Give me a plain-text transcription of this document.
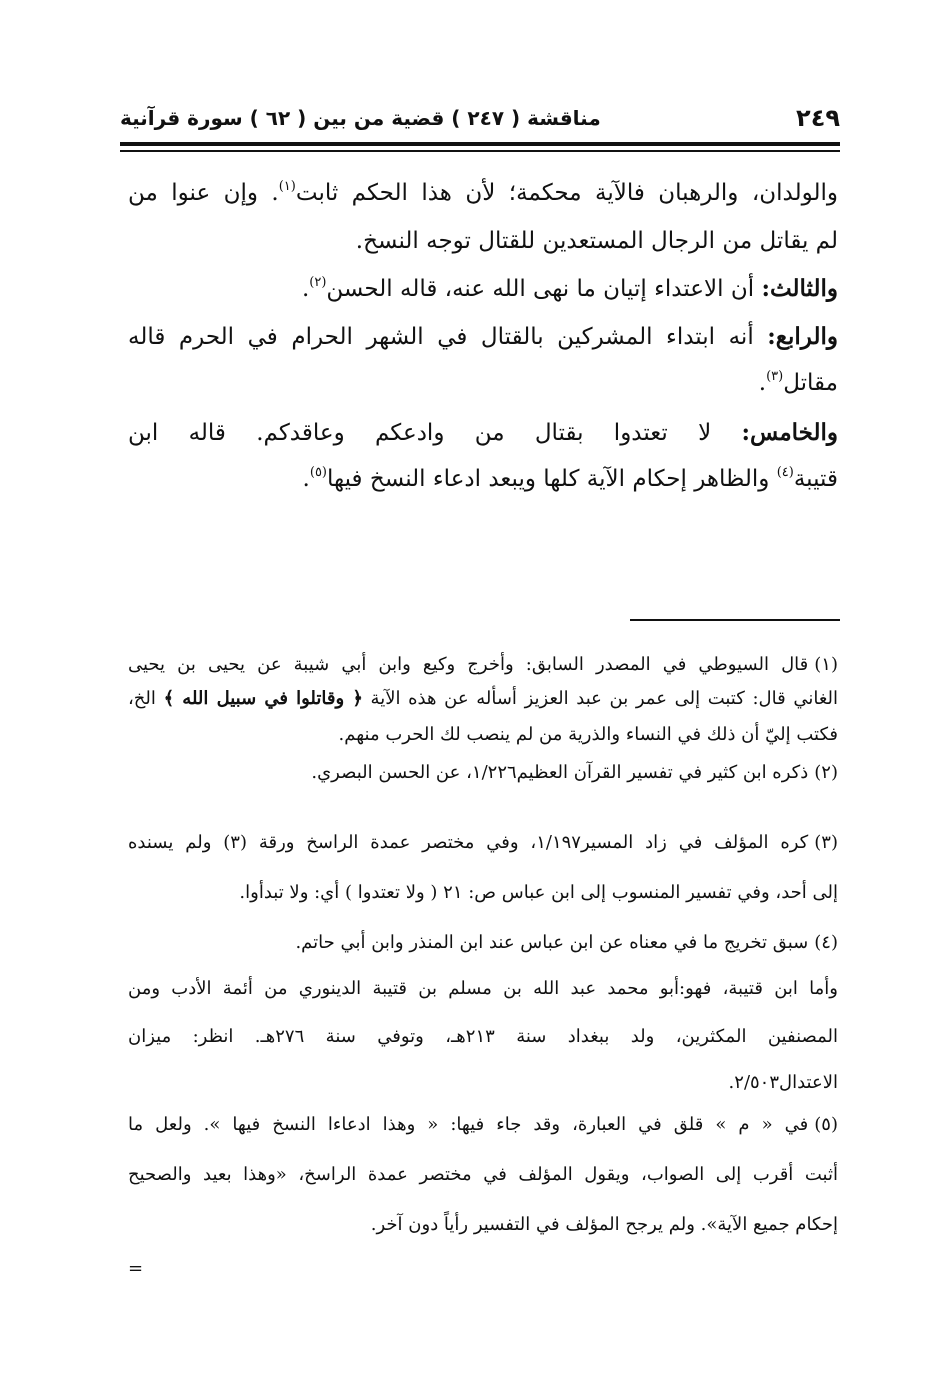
٢٤٩
مناقشة ( ٢٤٧ ) قضية من بين ( ٦٢ ) سورة قرآنية
والولدان، والرهبان فالآية محكمة؛ لأن هذا الحكم ثابت$^{(١)}$. وإن عنوا من
لم يقاتل من الرجال المستعدين للقتال توجه النسخ.
والثالث: أن الاعتداء إتيان ما نهى الله عنه، قاله الحسن$^{(٢)}$.
والرابع: أنه ابتداء المشركين بالقتال في الشهر الحرام في الحرم قاله
مقاتل$^{(٣)}$.
والخامس: لا تعتدوا بقتال من وادعكم وعاقدكم. قاله ابن
قتيبة$^{(٤)}$ والظاهر إحكام الآية كلها ويبعد ادعاء النسخ فيها$^{(٥)}$.
(١)قال السيوطي في المصدر السابق: وأخرج وكيع وابن أبي شيبة عن يحيى بن يحيى
الغاني قال: كتبت إلى عمر بن عبد العزيز أسأله عن هذه الآية ﴿ وقاتلوا في سبيل الله ﴾ الخ،
فكتب إليّ أن ذلك في النساء والذرية من لم ينصب لك الحرب منهم.
(٢)ذكره ابن كثير في تفسير القرآن العظيم١/٢٢٦، عن الحسن البصري.
(٣)كره المؤلف في زاد المسير١/١٩٧، وفي مختصر عمدة الراسخ ورقة (٣) ولم يسنده
إلى أحد، وفي تفسير المنسوب إلى ابن عباس ص: ٢١ ( ولا تعتدوا ) أي: ولا تبدأوا.
(٤)سبق تخريج ما في معناه عن ابن عباس عند ابن المنذر وابن أبي حاتم.
وأما ابن قتيبة، فهو:أبو محمد عبد الله بن مسلم بن قتيبة الدينوري من أئمة الأدب ومن
المصنفين المكثرين، ولد ببغداد سنة ٢١٣هـ، وتوفي سنة ٢٧٦هـ. انظر: ميزان
الاعتدال٢/٥٠٣.
(٥)في « م » قلق في العبارة، وقد جاء فيها: « وهذا ادعاءا النسخ فيها ». ولعل ما
أثبت أقرب إلى الصواب، ويقول المؤلف في مختصر عمدة الراسخ، «وهذا بعيد والصحيح
إحكام جميع الآية». ولم يرجح المؤلف في التفسير رأياً دون آخر.
=
